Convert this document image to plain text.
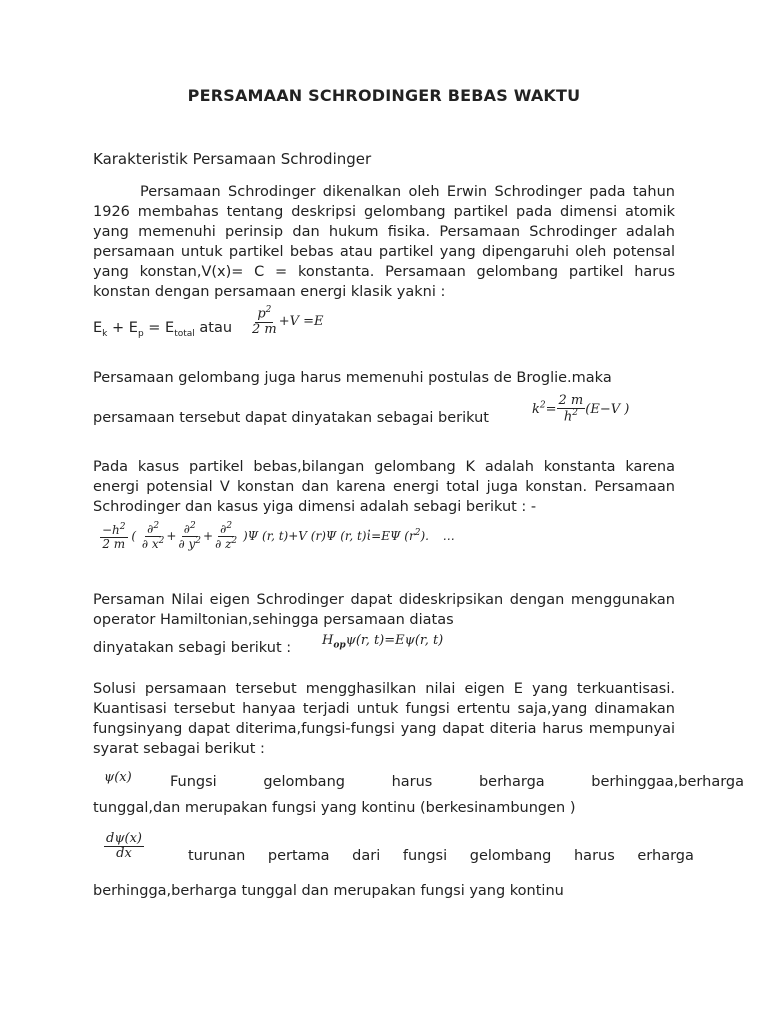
PERSAMAAN SCHRODINGER BEBAS WAKTU
Karakteristik Persamaan Schrodinger
Persamaan Schrodinger dikenalkan oleh Erwin Schrodinger pada tahun 1926 membahas tentang deskripsi gelombang partikel pada dimensi atomik yang memenuhi perinsip dan hukum fisika. Persamaan Schrodinger adalah persamaan untuk partikel bebas atau partikel yang dipengaruhi oleh potensal yang konstan,V(x)= C = konstanta. Persamaan gelombang partikel harus konstan dengan persamaan energi klasik yakni :
$E_k + E_p = E_{total}$ atau $\frac{p^2}{2 m} +V =E$
Persamaan gelombang juga harus memenuhi postulas de Broglie.maka
persamaan tersebut dapat dinyatakan sebagai berikut
$k^2= \frac{2 m}{h^2} (E-V$ )
Pada kasus partikel bebas,bilangan gelombang K adalah konstanta karena energi potensial V konstan dan karena energi total juga konstan. Persamaan Schrodinger dan kasus yiga dimensi adalah sebagi berikut : -
$\frac{-h^2}{2 m}$ ( $\frac{\partial^2}{\partial x^2} + \frac{\partial^2}{\partial y^2} + \frac{\partial^2}{\partial z^2} )\Psi$ (r, t)+V (r)Ψ (r, t)ἰ=EΨ $(r^2)$. …
Persaman Nilai eigen Schrodinger dapat dideskripsikan dengan menggunakan operator Hamiltonian,sehingga persamaan diatas
dinyatakan sebagi berikut : $H_{op}\psi(r$, t)=Eψ(r, t)
Solusi persamaan tersebut mengghasilkan nilai eigen E yang terkuantisasi. Kuantisasi tersebut hanyaa terjadi untuk fungsi ertentu saja,yang dinamakan fungsinyang dapat diterima,fungsi-fungsi yang dapat diteria harus mempunyai syarat sebagai berikut :
ψ(x)	Fungsi gelombang harus berharga berhinggaa,berharga
tunggal,dan merupakan fungsi yang kontinu (berkesinambungen )
$\frac{d\psi(x)}{dx}$	turunan pertama dari fungsi gelombang harus erharga
berhingga,berharga tunggal dan merupakan fungsi yang kontinu
